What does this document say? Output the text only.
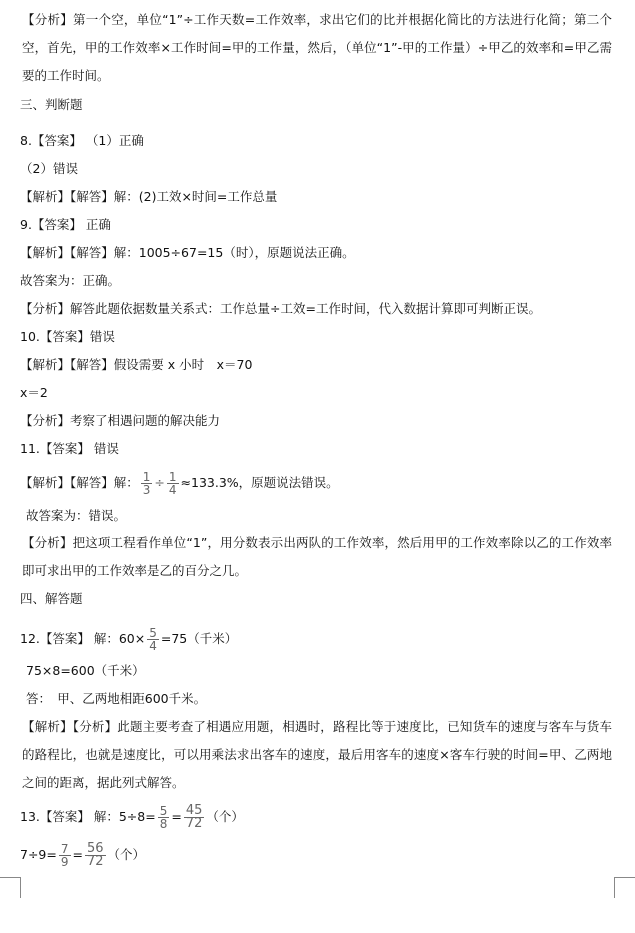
【分析】第一个空，单位“1”÷工作天数=工作效率，求出它们的比并根据化简比的方法进行化简；第二个空，首先，甲的工作效率×工作时间=甲的工作量，然后，（单位“1”-甲的工作量）÷甲乙的效率和=甲乙需要的工作时间。
三、判断题
8.【答案】 （1）正确
（2）错误
【解析】【解答】解：(2)工效×时间=工作总量
9.【答案】 正确
【解析】【解答】解：1005÷67=15（时），原题说法正确。
故答案为：正确。
【分析】解答此题依据数量关系式：工作总量÷工效=工作时间，代入数据计算即可判断正误。
10.【答案】错误
【解析】【解答】假设需要 x 小时　x＝70
x＝2
【分析】考察了相遇问题的解决能力
11.【答案】 错误
【解析】【解答】解： $\frac{1}{3} \div \frac{1}{4} \approx 133.3\%$，原题说法错误。
故答案为：错误。
【分析】把这项工程看作单位“1”，用分数表示出两队的工作效率，然后用甲的工作效率除以乙的工作效率即可求出甲的工作效率是乙的百分之几。
四、解答题
12.【答案】 解：$60\times \frac{5}{4} =75$（千米）
75×8=600（千米）
答：　甲、乙两地相距600千米。
【解析】【分析】此题主要考查了相遇应用题，相遇时，路程比等于速度比，已知货车的速度与客车与货车的路程比，也就是速度比，可以用乘法求出客车的速度，最后用客车的速度×客车行驶的时间=甲、乙两地之间的距离，据此列式解答。
13.【答案】 解：$5\div 8= \frac{5}{8} = \frac{45}{72}$ （个）
$7\div 9= \frac{7}{9} = \frac{56}{72}$ （个）
